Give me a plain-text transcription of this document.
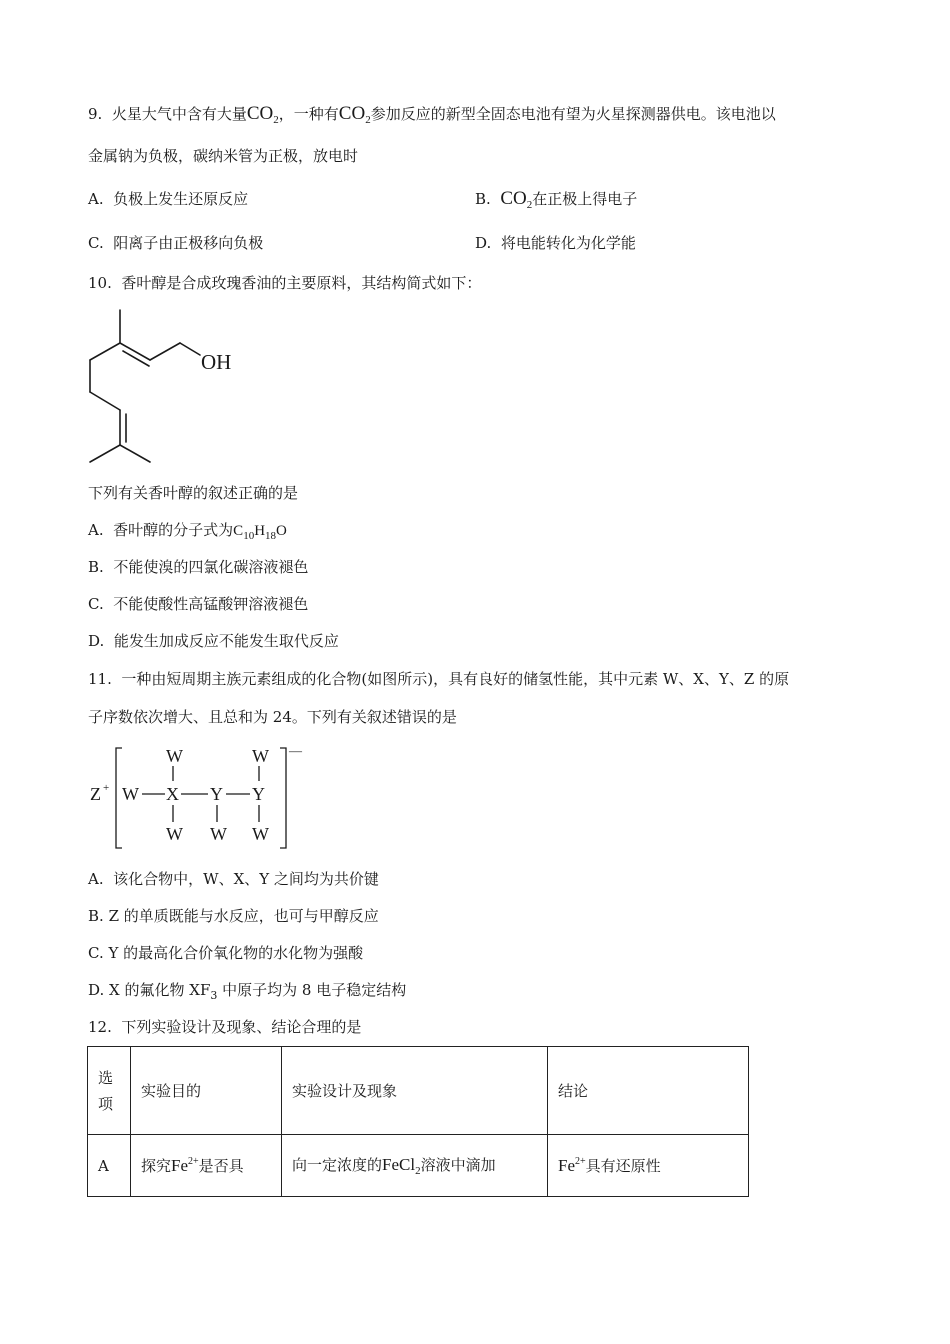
9. 火星大气中含有大量$CO_2$，一种有$CO_2$参加反应的新型全固态电池有望为火星探测器供电。该电池以
金属钠为负极，碳纳米管为正极，放电时
A. 负极上发生还原反应	B. $CO_2$在正极上得电子
C. 阳离子由正极移向负极	D. 将电能转化为化学能
10. 香叶醇是合成玫瑰香油的主要原料，其结构简式如下：
OH
下列有关香叶醇的叙述正确的是
A. 香叶醇的分子式为$C_{10}H_{18}O$
B. 不能使溴的四氯化碳溶液褪色
C. 不能使酸性高锰酸钾溶液褪色
D. 能发生加成反应不能发生取代反应
11. 一种由短周期主族元素组成的化合物(如图所示)，具有良好的储氢性能，其中元素 W、X、Y、Z 的原
子序数依次增大、且总和为 24。下列有关叙述错误的是
Z + W X Y Y
W	W
W W W
—
A. 该化合物中，W、X、Y 之间均为共价键
B. Z 的单质既能与水反应，也可与甲醇反应
C. Y 的最高化合价氧化物的水化物为强酸
D. X 的氟化物 $XF_3$ 中原子均为 8 电子稳定结构
12. 下列实验设计及现象、结论合理的是
选
项	实验目的	实验设计及现象	结论
A	探究$Fe^{2+}$是否具	向一定浓度的FeCl$_2$溶液中滴加	$Fe^{2+}$具有还原性
